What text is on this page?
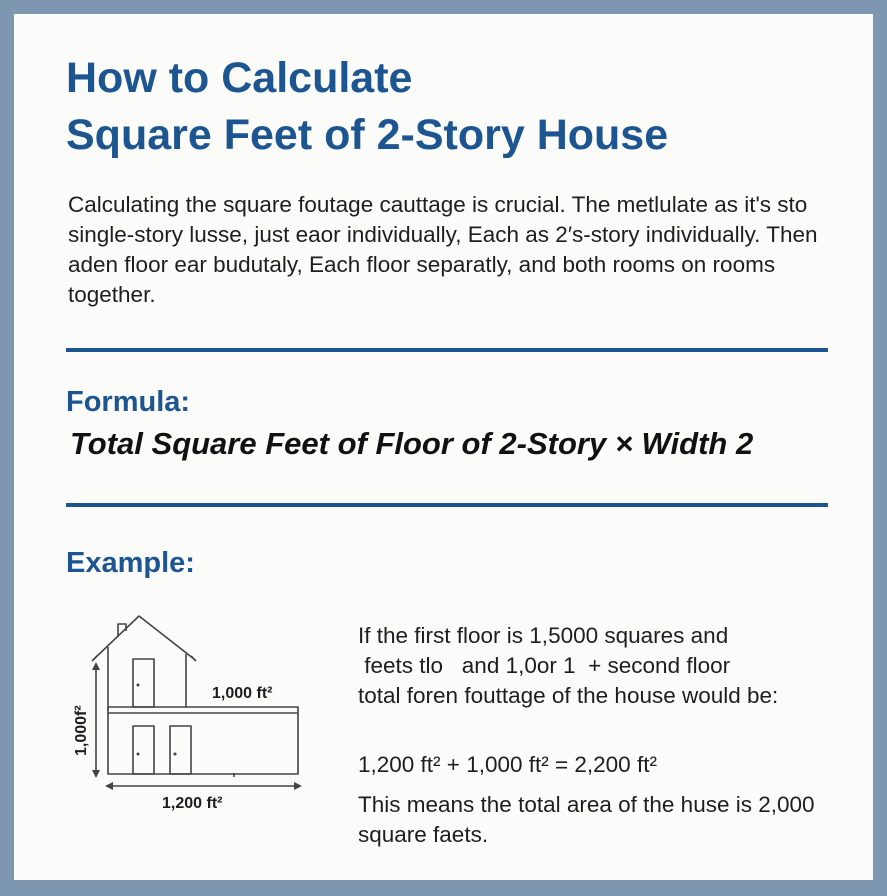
How to Calculate
Square Feet of 2-Story House

Calculating the square foutage cauttage is crucial. The metlulate as it's sto single-story lusse, just eaor individually, Each as 2′s-story individually. Then aden floor ear budutaly, Each floor separatly, and both rooms on rooms together.

Formula:
Total Square Feet of Floor of 2-Story × Width 2
Example:
1,000 ft²
1,000f²
1,200 ft²
If the first floor is 1,5000 squares and
feets tlo   and 1,0or 1  + second floor
total foren fouttage of the house would be:
1,200 ft² + 1,000 ft² = 2,200 ft²
This means the total area of the huse is 2,000
square faets.
